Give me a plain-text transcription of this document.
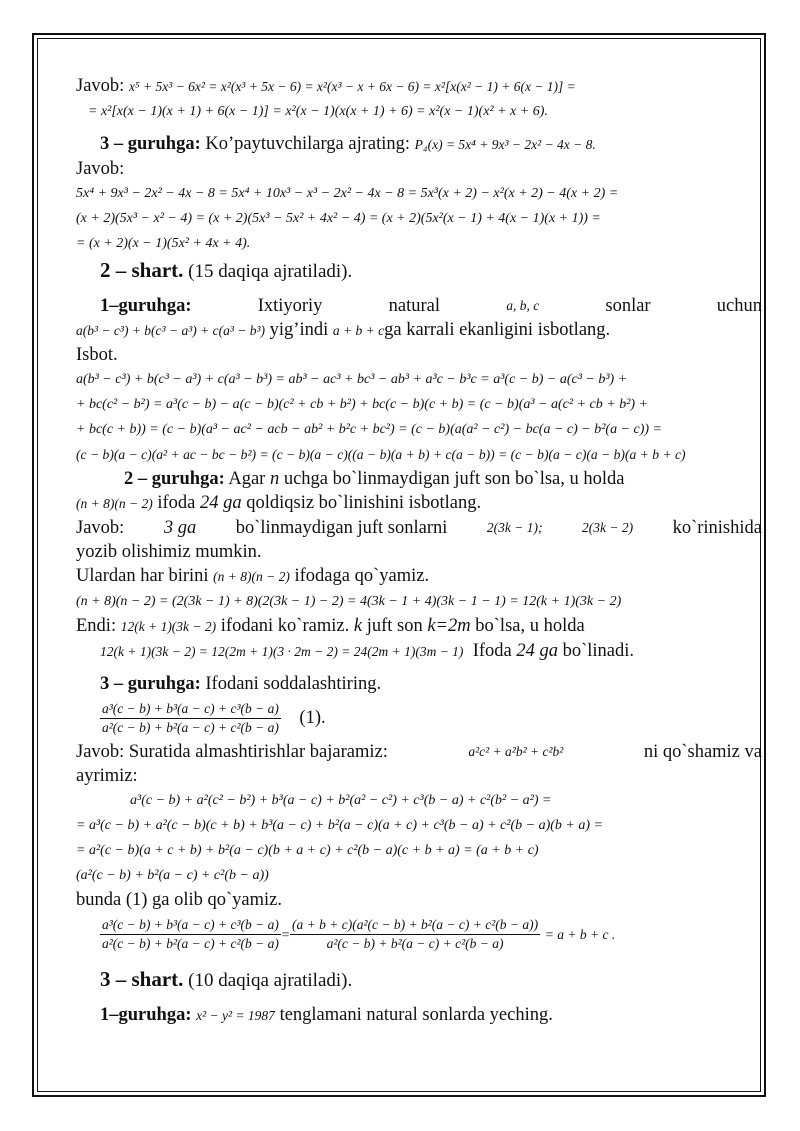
Javob: x⁵ + 5x³ − 6x² = x²(x³ + 5x − 6) = x²(x³ − x + 6x − 6) = x²[x(x² − 1) + 6(x − 1)] =

= x²[x(x − 1)(x + 1) + 6(x − 1)] = x²(x − 1)(x(x + 1) + 6) = x²(x − 1)(x² + x + 6).

3 – guruhga: Ko’paytuvchilarga ajrating: P₄(x) = 5x⁴ + 9x³ − 2x² − 4x − 8.

Javob:

5x⁴ + 9x³ − 2x² − 4x − 8 = 5x⁴ + 10x³ − x³ − 2x² − 4x − 8 = 5x³(x + 2) − x²(x + 2) − 4(x + 2) =

(x + 2)(5x³ − x² − 4) = (x + 2)(5x³ − 5x² + 4x² − 4) = (x + 2)(5x²(x − 1) + 4(x − 1)(x + 1)) =

= (x + 2)(x − 1)(5x² + 4x + 4).

2 – shart. (15 daqiqa ajratiladi).

1–guruhga:	Ixtiyoriy	natural	a, b, c	sonlar	uchun

a(b³ − c³) + b(c³ − a³) + c(a³ − b³) yig’indi a + b + cga karrali ekanligini isbotlang.

Isbot.

a(b³ − c³) + b(c³ − a³) + c(a³ − b³) = ab³ − ac³ + bc³ − ab³ + a³c − b³c = a³(c − b) − a(c³ − b³) +

+ bc(c² − b²) = a³(c − b) − a(c − b)(c² + cb + b²) + bc(c − b)(c + b) = (c − b)(a³ − a(c² + cb + b²) +

+ bc(c + b)) = (c − b)(a³ − ac² − acb − ab² + b²c + bc²) = (c − b)(a(a² − c²) − bc(a − c) − b²(a − c)) =

(c − b)(a − c)(a² + ac − bc − b²) = (c − b)(a − c)((a − b)(a + b) + c(a − b)) = (c − b)(a − c)(a − b)(a + b + c)

2 – guruhga: Agar n uchga bo`linmaydigan juft son bo`lsa, u holda

(n + 8)(n − 2) ifoda 24 ga qoldiqsiz bo`linishini isbotlang.

Javob: 3 ga bo`linmaydigan juft sonlarni	2(3k − 1);	2(3k − 2) ko`rinishida

yozib olishimiz mumkin.

Ulardan har birini (n + 8)(n − 2) ifodaga qo`yamiz.

(n + 8)(n − 2) = (2(3k − 1) + 8)(2(3k − 1) − 2) = 4(3k − 1 + 4)(3k − 1 − 1) = 12(k + 1)(3k − 2)

Endi: 12(k + 1)(3k − 2) ifodani ko`ramiz. k juft son k=2m bo`lsa, u holda

12(k + 1)(3k − 2) = 12(2m + 1)(3 · 2m − 2) = 24(2m + 1)(3m − 1) Ifoda 24 ga bo`linadi.

3 – guruhga: Ifodani soddalashtiring.

$\frac{\text{a³(c − b) + b³(a − c) + c³(b − a)}}{\text{a²(c − b) + b²(a − c) + c²(b − a)}} (1)$.

Javob: Suratida almashtirishlar bajaramiz:	a²c² + a²b² + c²b²	ni qo`shamiz va

ayrimiz:

a³(c − b) + a²(c² − b²) + b³(a − c) + b²(a² − c²) + c³(b − a) + c²(b² − a²) =

= a³(c − b) + a²(c − b)(c + b) + b³(a − c) + b²(a − c)(a + c) + c³(b − a) + c²(b − a)(b + a) =

= a²(c − b)(a + c + b) + b²(a − c)(b + a + c) + c²(b − a)(c + b + a) = (a + b + c)

(a²(c − b) + b²(a − c) + c²(b − a))

bunda (1) ga olib qo`yamiz.

$\frac{\text{a³(c − b) + b³(a − c) + c³(b − a)}}{\text{a²(c − b) + b²(a − c) + c²(b − a)}} = \frac{\text{(a + b + c)(a²(c − b) + b²(a − c) + c²(b − a))}}{\text{a²(c − b) + b²(a − c) + c²(b − a)}} = a + b + c$ .

3 – shart. (10 daqiqa ajratiladi).

1–guruhga: x² − y² = 1987 tenglamani natural sonlarda yeching.
